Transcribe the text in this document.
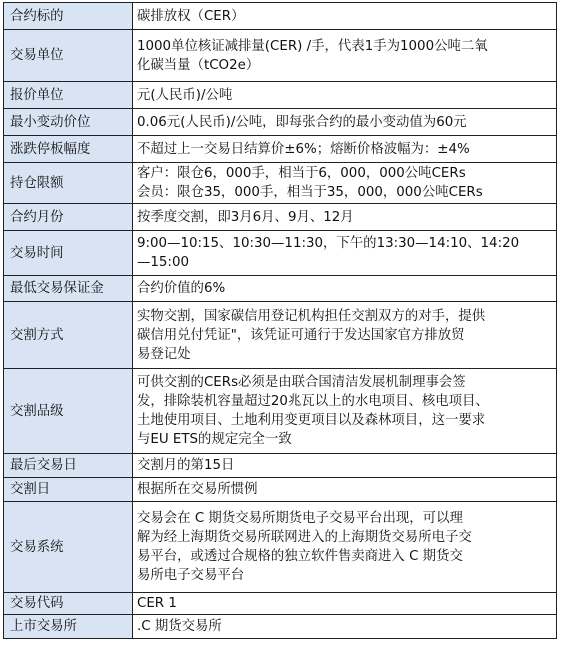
合约标的	碳排放权（CER）
交易单位	1000单位核证减排量(CER) /手，代表1手为1000公吨二氧
化碳当量（tCO2e）
报价单位	元(人民币)/公吨
最小变动价位	0.06元(人民币)/公吨，即每张合约的最小变动值为60元
涨跌停板幅度	不超过上一交易日结算价±6%；熔断价格波幅为：±4%
持仓限额	客户：限仓6，000手，相当于6，000，000公吨CERs
会员：限仓35，000手，相当于35，000，000公吨CERs
合约月份	按季度交割，即3月6月、9月、12月
交易时间	9:00—10:15、10:30—11:30，下午的13:30—14:10、14:20
—15:00
最低交易保证金	合约价值的6%
交割方式	实物交割，国家碳信用登记机构担任交割双方的对手，提供
碳信用兑付凭证"，该凭证可通行于发达国家官方排放贸
易登记处
交割品级	可供交割的CERs必须是由联合国清洁发展机制理事会签
发，排除装机容量超过20兆瓦以上的水电项目、核电项目、
土地使用项目、土地利用变更项目以及森林项目，这一要求
与EU ETS的规定完全一致
最后交易日	交割月的第15日
交割日	根据所在交易所惯例
交易系统	交易会在 C 期货交易所期货电子交易平台出现，可以理
解为经上海期货交易所联网进入的上海期货交易所电子交
易平台，或透过合规格的独立软件售卖商进入 C 期货交
易所电子交易平台
交易代码	CER 1
上市交易所	.C 期货交易所
